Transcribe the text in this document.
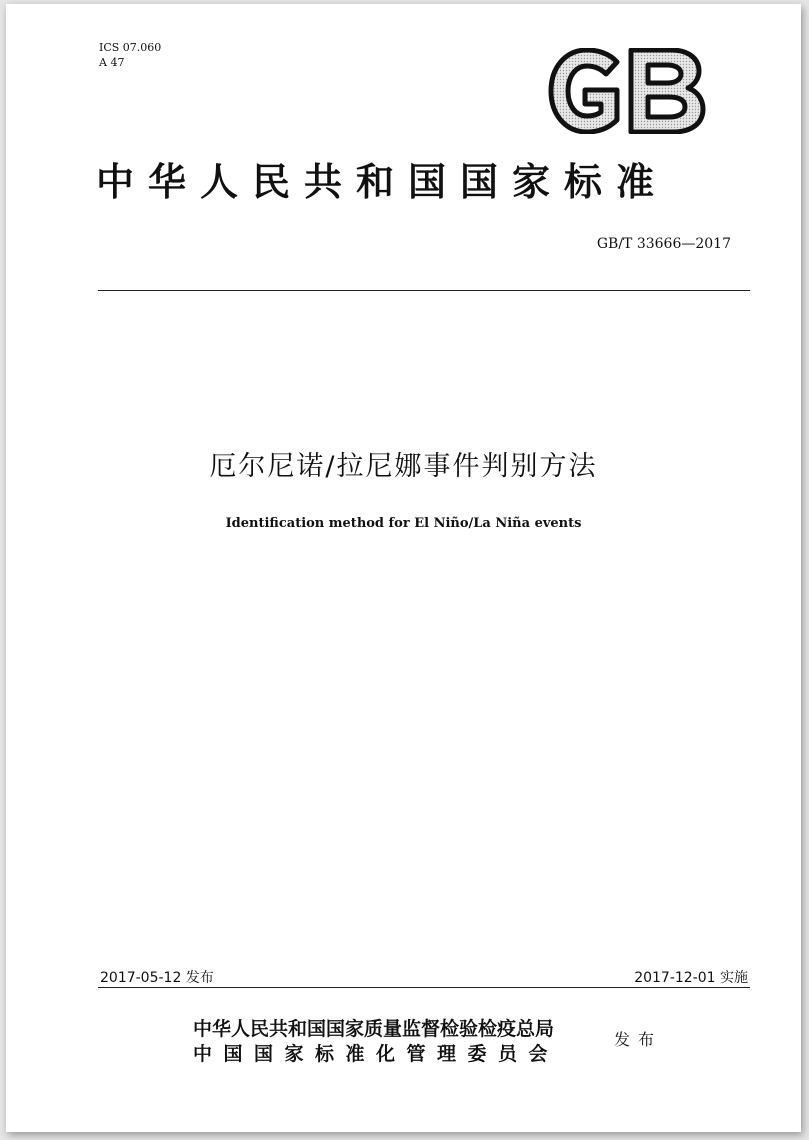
ICS 07.060
A 47
中华人民共和国国家标准
GB/T 33666—2017
厄尔尼诺/拉尼娜事件判别方法
Identification method for El Niño/La Niña events
2017-05-12 发布	2017-12-01 实施
中华人民共和国国家质量监督检验检疫总局
中国国家标准化管理委员会
发布
